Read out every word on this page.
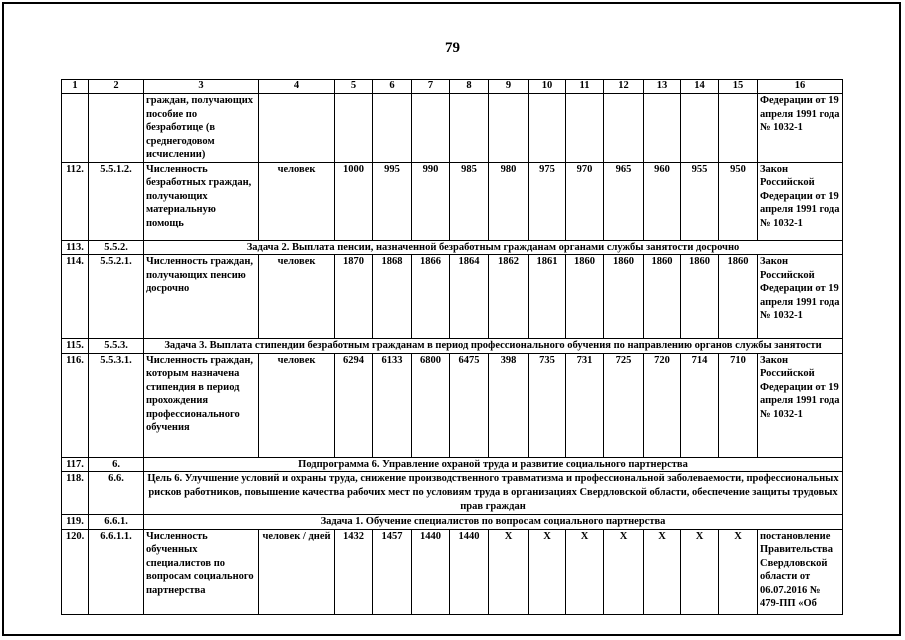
79
1	2	3	4	5	6	7	8	9	10	11	12	13	14	15	16
		граждан, получающих пособие по безработице (в среднегодовом исчислении)													Федерации от 19 апреля 1991 года № 1032-1
112.	5.5.1.2.	Численность безработных граждан, получающих материальную помощь	человек	1000	995	990	985	980	975	970	965	960	955	950	Закон Российской Федерации от 19 апреля 1991 года № 1032-1
113.	5.5.2.	Задача 2. Выплата пенсии, назначенной безработным гражданам органами службы занятости досрочно													
114.	5.5.2.1.	Численность граждан, получающих пенсию досрочно	человек	1870	1868	1866	1864	1862	1861	1860	1860	1860	1860	1860	Закон Российской Федерации от 19 апреля 1991 года № 1032-1
115.	5.5.3.	Задача 3. Выплата стипендии безработным гражданам в период профессионального обучения по направлению органов службы занятости													
116.	5.5.3.1.	Численность граждан, которым назначена стипендия в период прохождения профессионального обучения	человек	6294	6133	6800	6475	398	735	731	725	720	714	710	Закон Российской Федерации от 19 апреля 1991 года № 1032-1
117.	6.	Подпрограмма 6. Управление охраной труда и развитие социального партнерства													
118.	6.6.	Цель 6. Улучшение условий и охраны труда, снижение производственного травматизма и профессиональной заболеваемости, профессиональных рисков работников, повышение качества рабочих мест по условиям труда в организациях Свердловской области, обеспечение защиты трудовых прав граждан													
119.	6.6.1.	Задача 1. Обучение специалистов по вопросам социального партнерства													
120.	6.6.1.1.	Численность обученных специалистов по вопросам социального партнерства	человек / дней	1432	1457	1440	1440	Х	Х	Х	Х	Х	Х	Х	постановление Правительства Свердловской области от 06.07.2016 № 479-ПП «Об
